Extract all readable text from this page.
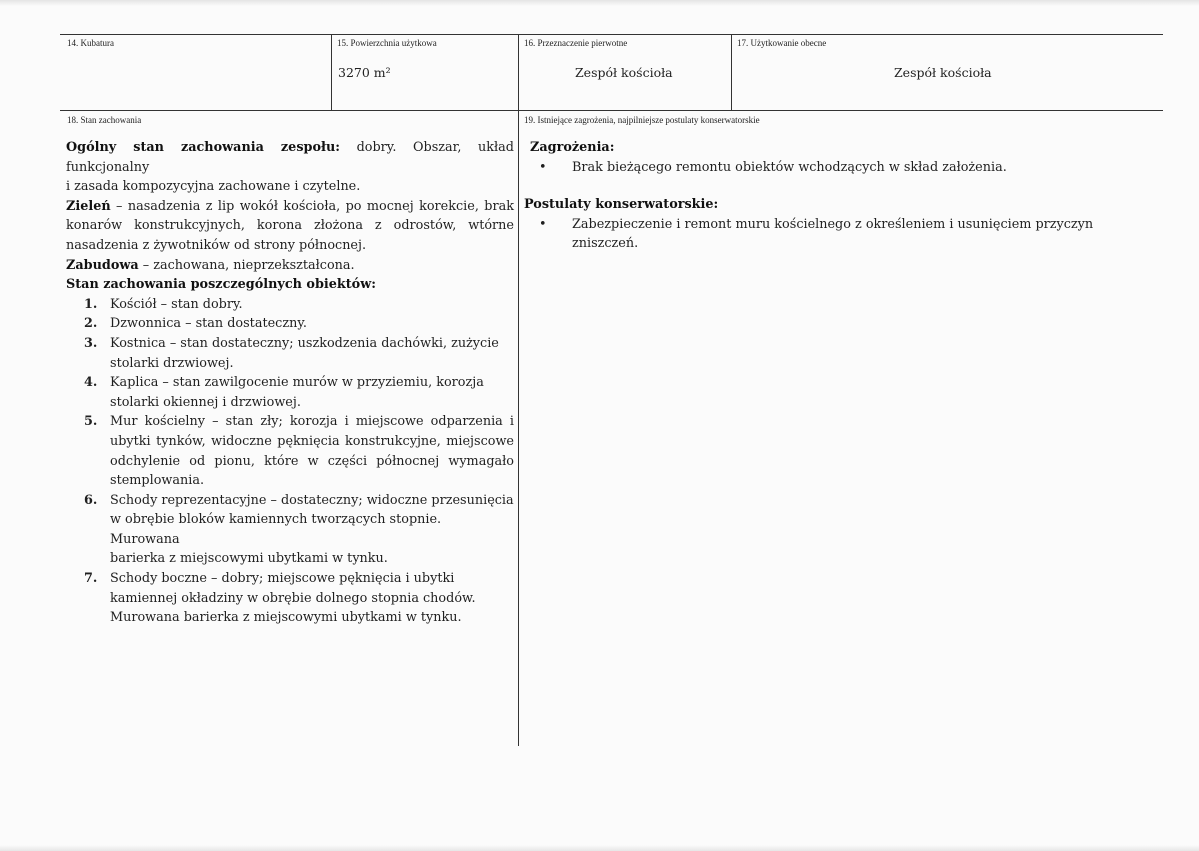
14. Kubatura	15. Powierzchnia użytkowa
3270 m²
16. Przeznaczenie pierwotne
Zespół kościoła
17. Użytkowanie obecne
Zespół kościoła
18. Stan zachowania	19. Istniejące zagrożenia, najpilniejsze postulaty konserwatorskie

Ogólny stan zachowania zespołu: dobry. Obszar, układ funkcjonalny

i zasada kompozycyjna zachowane i czytelne.

Zieleń – nasadzenia z lip wokół kościoła, po mocnej korekcie, brak

konarów konstrukcyjnych, korona złożona z odrostów, wtórne

nasadzenia z żywotników od strony północnej.

Zabudowa – zachowana, nieprzekształcona.

Stan zachowania poszczególnych obiektów:

1. Kościół – stan dobry.
2. Dzwonnica – stan dostateczny.
3. Kostnica – stan dostateczny; uszkodzenia dachówki, zużycie
stolarki drzwiowej.
4. Kaplica – stan zawilgocenie murów w przyziemiu, korozja
stolarki okiennej i drzwiowej.
5. Mur kościelny – stan zły; korozja i miejscowe odparzenia i
ubytki tynków, widoczne pęknięcia konstrukcyjne, miejscowe
odchylenie od pionu, które w części północnej wymagało
stemplowania.
6. Schody reprezentacyjne – dostateczny; widoczne przesunięcia
w obrębie bloków kamiennych tworzących stopnie. Murowana
barierka z miejscowymi ubytkami w tynku.
7. Schody boczne – dobry; miejscowe pęknięcia i ubytki
kamiennej okładziny w obrębie dolnego stopnia chodów.
Murowana barierka z miejscowymi ubytkami w tynku.

Zagrożenia:

• Brak bieżącego remontu obiektów wchodzących w skład założenia.

Postulaty konserwatorskie:

• Zabezpieczenie i remont muru kościelnego z określeniem i usunięciem przyczyn zniszczeń.
